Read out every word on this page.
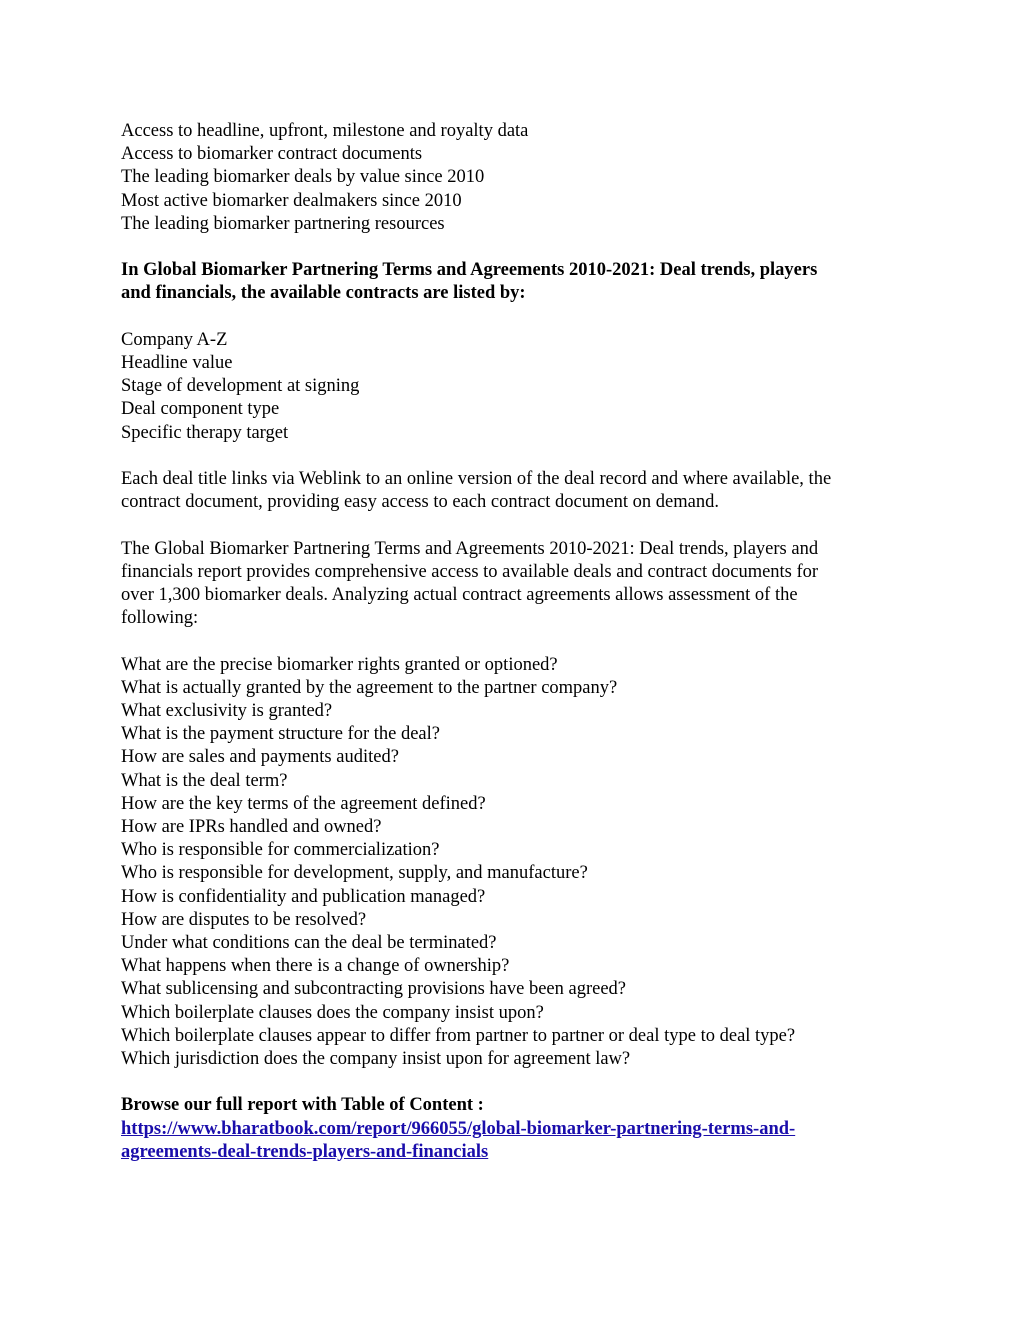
Access to headline, upfront, milestone and royalty data
Access to biomarker contract documents
The leading biomarker deals by value since 2010
Most active biomarker dealmakers since 2010
The leading biomarker partnering resources
In Global Biomarker Partnering Terms and Agreements 2010-2021: Deal trends, players
and financials, the available contracts are listed by:
Company A-Z
Headline value
Stage of development at signing
Deal component type
Specific therapy target
Each deal title links via Weblink to an online version of the deal record and where available, the
contract document, providing easy access to each contract document on demand.
The Global Biomarker Partnering Terms and Agreements 2010-2021: Deal trends, players and
financials report provides comprehensive access to available deals and contract documents for
over 1,300 biomarker deals. Analyzing actual contract agreements allows assessment of the
following:
What are the precise biomarker rights granted or optioned?
What is actually granted by the agreement to the partner company?
What exclusivity is granted?
What is the payment structure for the deal?
How are sales and payments audited?
What is the deal term?
How are the key terms of the agreement defined?
How are IPRs handled and owned?
Who is responsible for commercialization?
Who is responsible for development, supply, and manufacture?
How is confidentiality and publication managed?
How are disputes to be resolved?
Under what conditions can the deal be terminated?
What happens when there is a change of ownership?
What sublicensing and subcontracting provisions have been agreed?
Which boilerplate clauses does the company insist upon?
Which boilerplate clauses appear to differ from partner to partner or deal type to deal type?
Which jurisdiction does the company insist upon for agreement law?
Browse our full report with Table of Content :
https://www.bharatbook.com/report/966055/global-biomarker-partnering-terms-and-
agreements-deal-trends-players-and-financials
